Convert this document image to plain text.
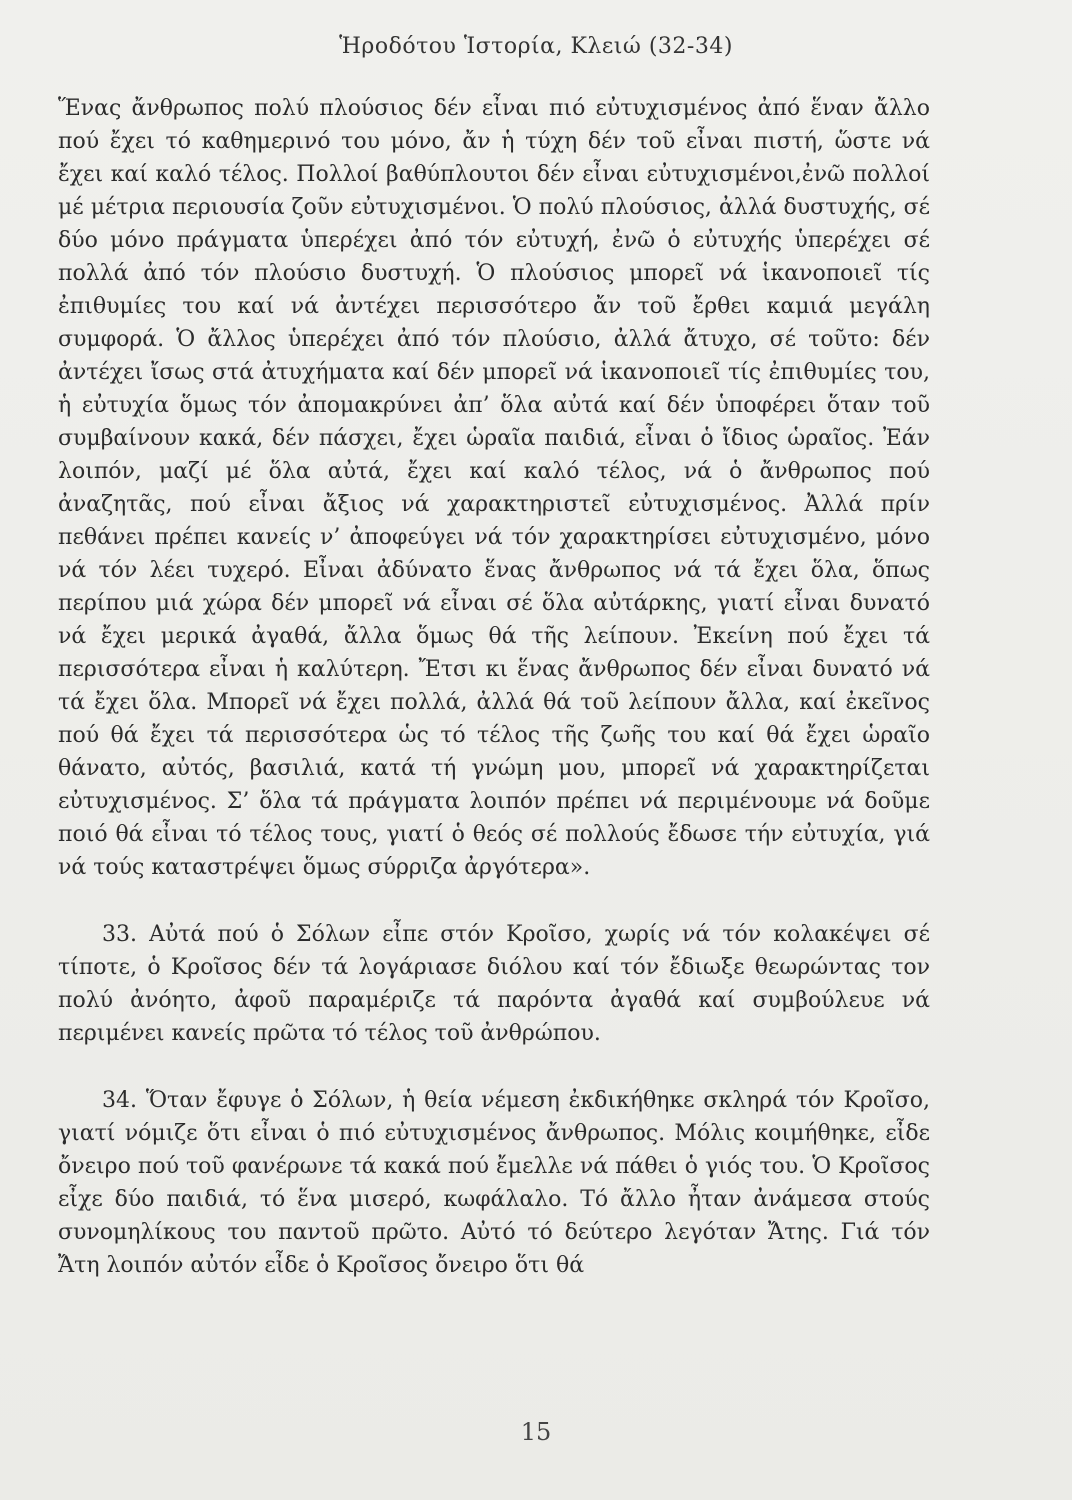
Ἡροδότου Ἱστορία, Κλειώ (32-34)

Ἕνας ἄνθρωπος πολύ πλούσιος δέν εἶναι πιό εὐτυχισμένος ἀπό ἕναν ἄλλο πού ἔχει τό καθημερινό του μόνο, ἄν ἡ τύχη δέν τοῦ εἶναι πιστή, ὥστε νά ἔχει καί καλό τέλος. Πολλοί βαθύπλουτοι δέν εἶναι εὐτυχισμένοι,ἐνῶ πολλοί μέ μέτρια περιουσία ζοῦν εὐτυχισμένοι. Ὁ πολύ πλούσιος, ἀλλά δυστυχής, σέ δύο μόνο πράγματα ὑπερέχει ἀπό τόν εὐτυχή, ἐνῶ ὁ εὐτυχής ὑπερέχει σέ πολλά ἀπό τόν πλούσιο δυστυχή. Ὁ πλούσιος μπορεῖ νά ἱκανοποιεῖ τίς ἐπιθυμίες του καί νά ἀντέχει περισσότερο ἄν τοῦ ἔρθει καμιά μεγάλη συμφορά. Ὁ ἄλλος ὑπερέχει ἀπό τόν πλούσιο, ἀλλά ἄτυχο, σέ τοῦτο: δέν ἀντέχει ἴσως στά ἀτυχήματα καί δέν μπορεῖ νά ἱκανοποιεῖ τίς ἐπιθυμίες του, ἡ εὐτυχία ὅμως τόν ἀπομακρύνει ἀπ’ ὅλα αὐτά καί δέν ὑποφέρει ὅταν τοῦ συμβαίνουν κακά, δέν πάσχει, ἔχει ὡραῖα παιδιά, εἶναι ὁ ἴδιος ὡραῖος. Ἐάν λοιπόν, μαζί μέ ὅλα αὐτά, ἔχει καί καλό τέλος, νά ὁ ἄνθρωπος πού ἀναζητᾶς, πού εἶναι ἄξιος νά χαρακτηριστεῖ εὐτυχισμένος. Ἀλλά πρίν πεθάνει πρέπει κανείς ν’ ἀποφεύγει νά τόν χαρακτηρίσει εὐτυχισμένο, μόνο νά τόν λέει τυχερό. Εἶναι ἀδύνατο ἕνας ἄνθρωπος νά τά ἔχει ὅλα, ὅπως περίπου μιά χώρα δέν μπορεῖ νά εἶναι σέ ὅλα αὐτάρκης, γιατί εἶναι δυνατό νά ἔχει μερικά ἀγαθά, ἄλλα ὅμως θά τῆς λείπουν. Ἐκείνη πού ἔχει τά περισσότερα εἶναι ἡ καλύτερη. Ἔτσι κι ἕνας ἄνθρωπος δέν εἶναι δυνατό νά τά ἔχει ὅλα. Μπορεῖ νά ἔχει πολλά, ἀλλά θά τοῦ λείπουν ἄλλα, καί ἐκεῖνος πού θά ἔχει τά περισσότερα ὡς τό τέλος τῆς ζωῆς του καί θά ἔχει ὡραῖο θάνατο, αὐτός, βασιλιά, κατά τή γνώμη μου, μπορεῖ νά χαρακτηρίζεται εὐτυχισμένος. Σ’ ὅλα τά πράγματα λοιπόν πρέπει νά περιμένουμε νά δοῦμε ποιό θά εἶναι τό τέλος τους, γιατί ὁ θεός σέ πολλούς ἔδωσε τήν εὐτυχία, γιά νά τούς καταστρέψει ὅμως σύρριζα ἀργότερα».

33. Αὐτά πού ὁ Σόλων εἶπε στόν Κροῖσο, χωρίς νά τόν κολακέψει σέ τίποτε, ὁ Κροῖσος δέν τά λογάριασε διόλου καί τόν ἔδιωξε θεωρώντας τον πολύ ἀνόητο, ἀφοῦ παραμέριζε τά παρόντα ἀγαθά καί συμβούλευε νά περιμένει κανείς πρῶτα τό τέλος τοῦ ἀνθρώπου.

34. Ὅταν ἔφυγε ὁ Σόλων, ἡ θεία νέμεση ἐκδικήθηκε σκληρά τόν Κροῖσο, γιατί νόμιζε ὅτι εἶναι ὁ πιό εὐτυχισμένος ἄνθρωπος. Μόλις κοιμήθηκε, εἶδε ὄνειρο πού τοῦ φανέρωνε τά κακά πού ἔμελλε νά πάθει ὁ γιός του. Ὁ Κροῖσος εἶχε δύο παιδιά, τό ἕνα μισερό, κωφάλαλο. Τό ἄλλο ἦταν ἀνάμεσα στούς συνομηλίκους του παντοῦ πρῶτο. Αὐτό τό δεύτερο λεγόταν Ἄτης. Γιά τόν Ἄτη λοιπόν αὐτόν εἶδε ὁ Κροῖσος ὄνειρο ὅτι θά

15
